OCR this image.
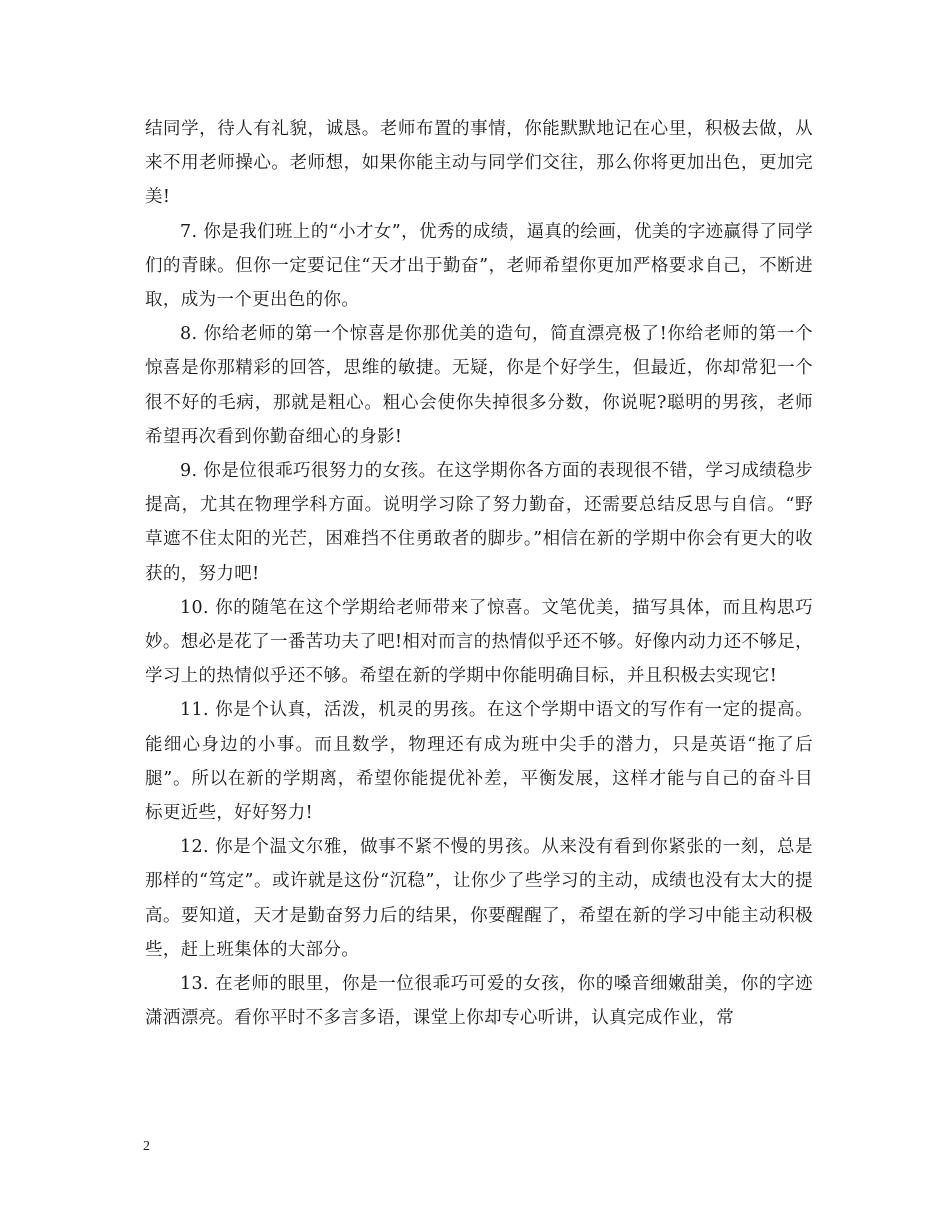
结同学，待人有礼貌，诚恳。老师布置的事情，你能默默地记在心里，积极去做，从来不用老师操心。老师想，如果你能主动与同学们交往，那么你将更加出色，更加完美!

7. 你是我们班上的“小才女”，优秀的成绩，逼真的绘画，优美的字迹赢得了同学们的青睐。但你一定要记住“天才出于勤奋”，老师希望你更加严格要求自己，不断进取，成为一个更出色的你。

8. 你给老师的第一个惊喜是你那优美的造句，简直漂亮极了!你给老师的第一个惊喜是你那精彩的回答，思维的敏捷。无疑，你是个好学生，但最近，你却常犯一个很不好的毛病，那就是粗心。粗心会使你失掉很多分数，你说呢?聪明的男孩，老师希望再次看到你勤奋细心的身影!

9. 你是位很乖巧很努力的女孩。在这学期你各方面的表现很不错，学习成绩稳步提高，尤其在物理学科方面。说明学习除了努力勤奋，还需要总结反思与自信。“野草遮不住太阳的光芒，困难挡不住勇敢者的脚步。”相信在新的学期中你会有更大的收获的，努力吧!

10. 你的随笔在这个学期给老师带来了惊喜。文笔优美，描写具体，而且构思巧妙。想必是花了一番苦功夫了吧!相对而言的热情似乎还不够。好像内动力还不够足，学习上的热情似乎还不够。希望在新的学期中你能明确目标，并且积极去实现它!

11. 你是个认真，活泼，机灵的男孩。在这个学期中语文的写作有一定的提高。能细心身边的小事。而且数学，物理还有成为班中尖手的潜力，只是英语“拖了后腿”。所以在新的学期离，希望你能提优补差，平衡发展，这样才能与自己的奋斗目标更近些，好好努力!

12. 你是个温文尔雅，做事不紧不慢的男孩。从来没有看到你紧张的一刻，总是那样的“笃定”。或许就是这份“沉稳”，让你少了些学习的主动，成绩也没有太大的提高。要知道，天才是勤奋努力后的结果，你要醒醒了，希望在新的学习中能主动积极些，赶上班集体的大部分。

13. 在老师的眼里，你是一位很乖巧可爱的女孩，你的嗓音细嫩甜美，你的字迹潇洒漂亮。看你平时不多言多语，课堂上你却专心听讲，认真完成作业，常

2
